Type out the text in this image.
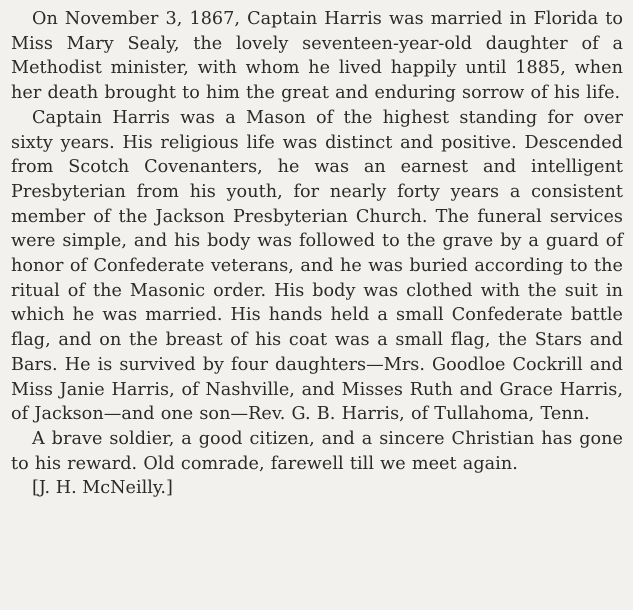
On November 3, 1867, Captain Harris was married in Florida to Miss Mary Sealy, the lovely seventeen-year-old daughter of a Methodist minister, with whom he lived happily until 1885, when her death brought to him the great and enduring sorrow of his life.

Captain Harris was a Mason of the highest standing for over sixty years. His religious life was distinct and positive. Descended from Scotch Covenanters, he was an earnest and intelligent Presbyterian from his youth, for nearly forty years a consistent member of the Jackson Presbyterian Church. The funeral services were simple, and his body was followed to the grave by a guard of honor of Confederate veterans, and he was buried according to the ritual of the Masonic order. His body was clothed with the suit in which he was married. His hands held a small Confederate battle flag, and on the breast of his coat was a small flag, the Stars and Bars. He is survived by four daughters—Mrs. Goodloe Cockrill and Miss Janie Harris, of Nashville, and Misses Ruth and Grace Harris, of Jackson—and one son—Rev. G. B. Harris, of Tullahoma, Tenn.

A brave soldier, a good citizen, and a sincere Christian has gone to his reward. Old comrade, farewell till we meet again.

[J. H. McNeilly.]
